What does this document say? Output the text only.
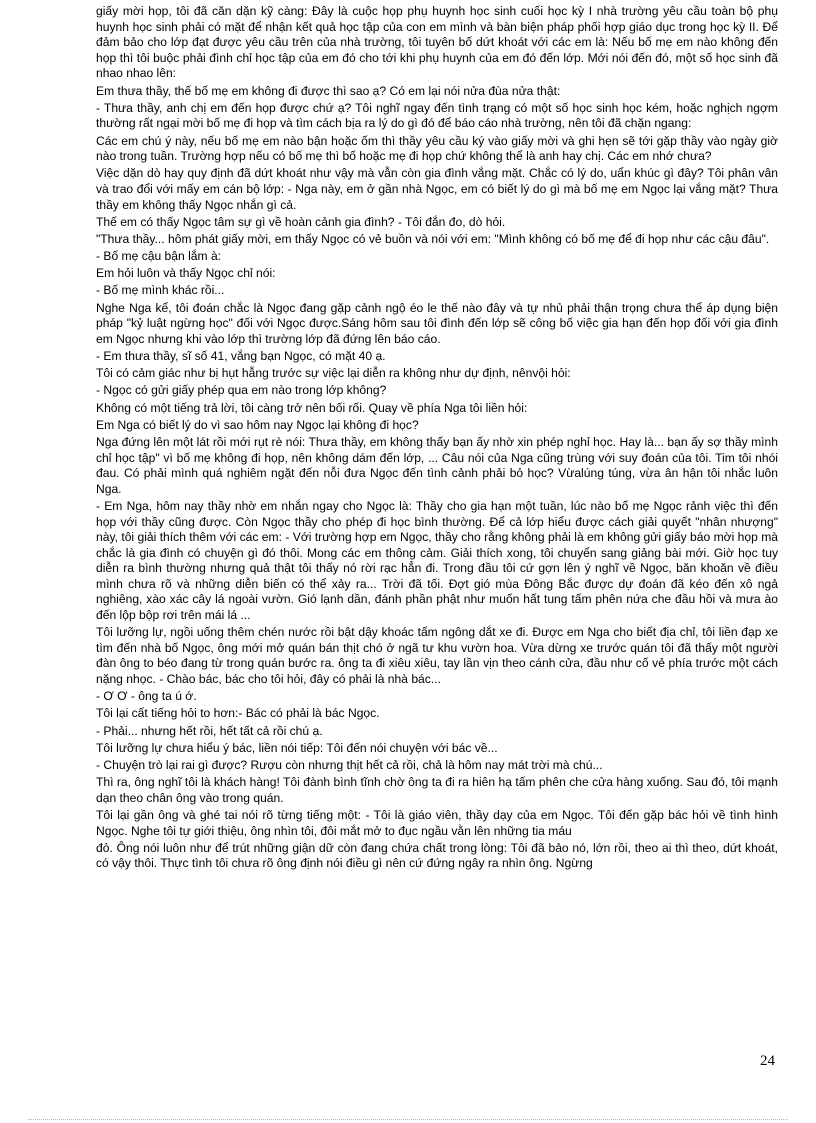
giấy mời họp, tôi đã căn dặn kỹ càng: Đây là cuộc họp phụ huynh học sinh cuối học kỳ I nhà trường yêu cầu toàn bộ phụ huynh học sinh phải có mặt để nhận kết quả học tập của con em mình và bàn biện pháp phối hợp giáo dục trong học kỳ II. Để đảm bảo cho lớp đạt được yêu cầu trên của nhà trường, tôi tuyên bố dứt khoát với các em là: Nếu bố mẹ em nào không đến họp thì tôi buộc phải đình chỉ học tập của em đó cho tới khi phụ huynh của em đó đến lớp. Mới nói đến đó, một số học sinh đã nhao nhao lên:

Em thưa thầy, thế bố mẹ em không đi được thì sao ạ? Có em lại nói nửa đùa nửa thật:

- Thưa thầy, anh chị em đến họp được chứ ạ? Tôi nghĩ ngay đến tình trạng có một số học sinh học kém, hoặc nghịch ngợm thường rất ngại mời bố mẹ đi họp và tìm cách bịa ra lý do gì đó để báo cáo nhà trường, nên tôi đã chặn ngang:

Các em chú ý này, nếu bố mẹ em nào bận hoặc ốm thì thầy yêu cầu ký vào giấy mời và ghi hẹn sẽ tới gặp thầy vào ngày giờ nào trong tuần. Trường hợp nếu có bố mẹ thì bố hoặc mẹ đi họp chứ không thể là anh hay chị. Các em nhớ chưa?

Việc dặn dò hay quy định đã dứt khoát như vậy mà vẫn còn gia đình vắng mặt. Chắc có lý do, uẩn khúc gì đây? Tôi phân vân và trao đổi với mấy em cán bộ lớp: - Nga này, em ở gần nhà Ngọc, em có biết lý do gì mà bố mẹ em Ngọc lại vắng mặt? Thưa thầy em không thấy Ngọc nhắn gì cả.

Thế em có thấy Ngọc tâm sự gì về hoàn cảnh gia đình? - Tôi đắn đo, dò hỏi.

"Thưa thầy... hôm phát giấy mời, em thấy Ngọc có vẻ buồn và nói với em: "Mình không có bố mẹ để đi họp như các cậu đâu".

- Bố mẹ cậu bận lắm à:

Em hỏi luôn và thấy Ngọc chỉ nói:

- Bố mẹ mình khác rồi...

Nghe Nga kể, tôi đoán chắc là Ngọc đang gặp cảnh ngộ éo le thế nào đây và tự nhủ phải thận trọng chưa thể áp dụng biện pháp "kỷ luật ngừng học" đối với Ngọc được.Sáng hôm sau tôi đình đến lớp sẽ công bố việc gia hạn đến họp đối với gia đình em Ngọc nhưng khi vào lớp thì trường lớp đã đứng lên báo cáo.

- Em thưa thầy, sĩ số 41, vắng bạn Ngọc, có mặt 40 ạ.

Tôi có cảm giác như bị hụt hẫng trước sự việc lại diễn ra không như dự định, nênvội hỏi:

- Ngọc có gửi giấy phép qua em nào trong lớp không?

Không có một tiếng trả lời, tôi càng trở nên bối rối. Quay về phía Nga tôi liền hỏi:

Em Nga có biết lý do vì sao hôm nay Ngọc lại không đi học?

Nga đứng lên một lát rồi mới rụt rè nói: Thưa thầy, em không thấy bạn ấy nhờ xin phép nghỉ học. Hay là... bạn ấy sợ thầy mình chỉ học tập" vì bố mẹ không đi họp, nên không dám đến lớp, ... Câu nói của Nga cũng trùng với suy đoán của tôi. Tim tôi nhói đau. Có phải mình quá nghiêm ngặt đến nỗi đưa Ngọc đến tình cảnh phải bỏ học? Vừalúng túng, vừa ân hận tôi nhắc luôn Nga.

- Em Nga, hôm nay thầy nhờ em nhắn ngay cho Ngọc là: Thầy cho gia hạn một tuần, lúc nào bố mẹ Ngọc rảnh việc thì đến họp với thầy cũng được. Còn Ngọc thầy cho phép đi học bình thường. Để cả lớp hiểu được cách giải quyết "nhân nhượng" này, tôi giải thích thêm với các em: - Với trường hợp em Ngọc, thầy cho rằng không phải là em không gửi giấy báo mời họp mà chắc là gia đình có chuyện gì đó thôi. Mong các em thông cảm. Giải thích xong, tôi chuyển sang giảng bài mới. Giờ học tuy diễn ra bình thường nhưng quả thật tôi thấy nó rời rạc hẳn đi. Trong đầu tôi cứ gợn lên ý nghĩ về Ngọc, băn khoăn về điều mình chưa rõ và những diễn biến có thể xảy ra... Trời đã tối. Đợt gió mùa Đông Bắc được dự đoán đã kéo đến xô ngả nghiêng, xào xác cây lá ngoài vườn. Gió lạnh dần, đánh phần phật như muốn hất tung tấm phên nứa che đầu hồi và mưa ào đến lộp bộp rơi trên mái lá ...

Tôi lưỡng lự, ngồi uống thêm chén nước rồi bật dậy khoác tấm ngông dắt xe đi. Được em Nga cho biết địa chỉ, tôi liền đạp xe tìm đến nhà bố Ngọc, ông mới mở quán bán thịt chó ở ngã tư khu vườn hoa. Vừa dừng xe trước quán tôi đã thấy một người đàn ông to béo đang từ trong quán bước ra. ông ta đi xiêu xiêu, tay lần vịn theo cánh cửa, đầu như cố vẻ phía trước một cách nặng nhọc. - Chào bác, bác cho tôi hỏi, đây có phải là nhà bác...

- Ơ Ơ - ông ta ú ớ.

Tôi lại cất tiếng hỏi to hơn:- Bác có phải là bác Ngọc.

- Phải... nhưng hết rồi, hết tất cả rồi chú ạ.

Tôi lưỡng lự chưa hiểu ý bác, liền nói tiếp: Tôi đến nói chuyện với bác về...

- Chuyện trò lại rai gì được? Rượu còn nhưng thịt hết cả rồi, chả là hôm nay mát trời mà chú...

Thì ra, ông nghĩ tôi là khách hàng! Tôi đành bình tĩnh chờ ông ta đi ra hiên hạ tấm phên che cửa hàng xuống. Sau đó, tôi mạnh dạn theo chân ông vào trong quán.

Tôi lại gần ông và ghé tai nói rõ từng tiếng một: - Tôi là giáo viên, thầy dạy của em Ngọc. Tôi đến gặp bác hỏi về tình hình Ngọc. Nghe tôi tự giới thiệu, ông nhìn tôi, đôi mắt mở to đục ngầu vằn lên những tia máu

đỏ. Ông nói luôn như để trút những giận dữ còn đang chứa chất trong lòng: Tôi đã bảo nó, lớn rồi, theo ai thì theo, dứt khoát, có vậy thôi. Thực tình tôi chưa rõ ông định nói điều gì nên cứ đứng ngây ra nhìn ông. Ngừng

24
